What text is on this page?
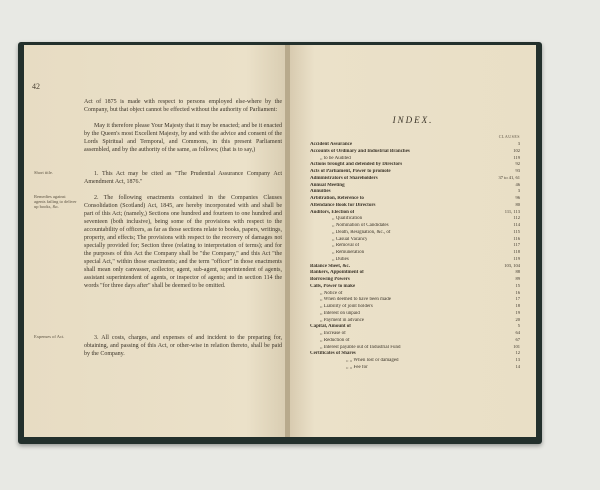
42
Act of 1875 is made with respect to persons employed else-where by the Company, but that object cannot be effected without the authority of Parliament:
May it therefore please Your Majesty that it may be enacted; and be it enacted by the Queen's most Excellent Majesty, by and with the advice and consent of the Lords Spiritual and Temporal, and Commons, in this present Parliament assembled, and by the authority of the same, as follows; (that is to say,)
Short title.	1. This Act may be cited as "The Prudential Assurance Company Act Amendment Act, 1876."
Remedies against agents failing to deliver up books, &c.
2. The following enactments contained in the Companies Clauses Consolidation (Scotland) Act, 1845, are hereby incorporated with and shall be part of this Act; (namely,) Sections one hundred and fourteen to one hundred and seventeen (both inclusive), being some of the provisions with respect to the accountability of officers, as far as those sections relate to books, papers, writings, property, and effects; The provisions with respect to the recovery of damages not specially provided for; Section three (relating to interpretation of terms); and for the purposes of this Act the Company shall be "the Company," and this Act "the special Act," within those enactments; and the term "officer" in those enactments shall mean only canvasser, collector, agent, sub-agent, superintendent of agents, assistant superintendent of agents, or inspector of agents; and in section 114 the words "for three days after" shall be deemed to be omitted.
Expenses of Act.	3. All costs, charges, and expenses of and incident to the preparing for, obtaining, and passing of this Act, or other-wise in relation thereto, shall be paid by the Company.
INDEX.
CLAUSES
Accident Assurance	3
Accounts of Ordinary and Industrial Branches	102
,, to be Audited	119
Actions brought and defended by Directors	92
Acts of Parliament, Power to promote	93
Administrators of Shareholders	37 to 41, 61
Annual Meeting	46
Annuities	3
Arbitration, Reference to	96
Attendance Book for Directors	80
Auditors, Election of	111, 113
,, Qualification	112
,, Nomination of Candidates	114
,, Death, Resignation, &c., of	115
,, Casual Vacancy	116
,, Removal of	117
,, Remuneration	118
,, Duties	119
Balance Sheet, &c.	103, 104
Bankers, Appointment of	88
Borrowing Powers	89
Calls, Power to make	15
,, Notice of	16
,, When deemed to have been made	17
,, Liability of joint holders	18
,, Interest on unpaid	19
,, Payment in advance	20
Capital, Amount of	5
,, Increase of	64
,, Reduction of	67
,, Interest payable out of Industrial Fund	101
Certificates of Shares	12
,, ,, When lost or damaged	13
,, ,, Fee for	14
